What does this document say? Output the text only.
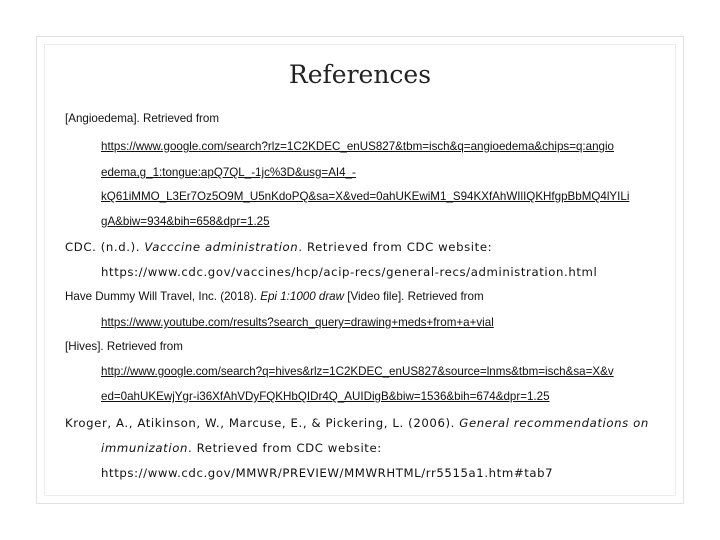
References
[Angioedema]. Retrieved from
https://www.google.com/search?rlz=1C2KDEC_enUS827&tbm=isch&q=angioedema&chips=q:angio
edema,g_1:tongue:apQ7QL_-1jc%3D&usg=AI4_-
kQ61iMMO_L3Er7Oz5O9M_U5nKdoPQ&sa=X&ved=0ahUKEwiM1_S94KXfAhWIlIQKHfgpBbMQ4lYILi
gA&biw=934&bih=658&dpr=1.25
CDC. (n.d.). Vacccine administration. Retrieved from CDC website:
https://www.cdc.gov/vaccines/hcp/acip-recs/general-recs/administration.html
Have Dummy Will Travel, Inc. (2018). Epi 1:1000 draw [Video file]. Retrieved from
https://www.youtube.com/results?search_query=drawing+meds+from+a+vial
[Hives]. Retrieved from
http://www.google.com/search?q=hives&rlz=1C2KDEC_enUS827&source=lnms&tbm=isch&sa=X&v
ed=0ahUKEwjYgr-i36XfAhVDyFQKHbQIDr4Q_AUIDigB&biw=1536&bih=674&dpr=1.25
Kroger, A., Atikinson, W., Marcuse, E., & Pickering, L. (2006). General recommendations on
immunization. Retrieved from CDC website:
https://www.cdc.gov/MMWR/PREVIEW/MMWRHTML/rr5515a1.htm#tab7
